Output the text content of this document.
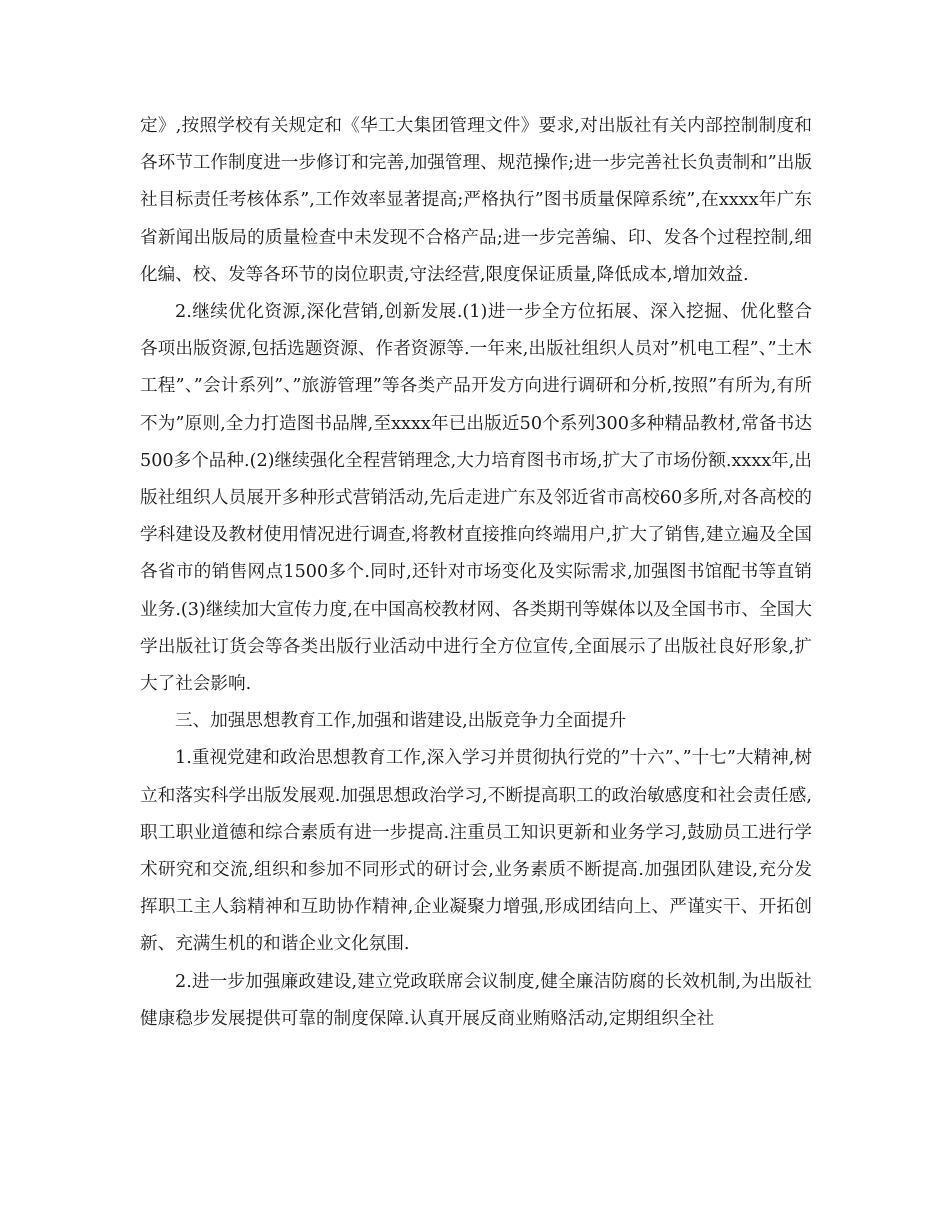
定》,按照学校有关规定和《华工大集团管理文件》要求,对出版社有关内部控制制度和各环节工作制度进一步修订和完善,加强管理、规范操作;进一步完善社长负责制和”出版社目标责任考核体系”,工作效率显著提高;严格执行”图书质量保障系统”,在xxxx年广东省新闻出版局的质量检查中未发现不合格产品;进一步完善编、印、发各个过程控制,细化编、校、发等各环节的岗位职责,守法经营,限度保证质量,降低成本,增加效益.

2.继续优化资源,深化营销,创新发展.(1)进一步全方位拓展、深入挖掘、优化整合各项出版资源,包括选题资源、作者资源等.一年来,出版社组织人员对”机电工程”、”土木工程”、”会计系列”、”旅游管理”等各类产品开发方向进行调研和分析,按照”有所为,有所不为”原则,全力打造图书品牌,至xxxx年已出版近50个系列300多种精品教材,常备书达500多个品种.(2)继续强化全程营销理念,大力培育图书市场,扩大了市场份额.xxxx年,出版社组织人员展开多种形式营销活动,先后走进广东及邻近省市高校60多所,对各高校的学科建设及教材使用情况进行调查,将教材直接推向终端用户,扩大了销售,建立遍及全国各省市的销售网点1500多个.同时,还针对市场变化及实际需求,加强图书馆配书等直销业务.(3)继续加大宣传力度,在中国高校教材网、各类期刊等媒体以及全国书市、全国大学出版社订货会等各类出版行业活动中进行全方位宣传,全面展示了出版社良好形象,扩大了社会影响.

三、加强思想教育工作,加强和谐建设,出版竞争力全面提升

1.重视党建和政治思想教育工作,深入学习并贯彻执行党的”十六”、”十七”大精神,树立和落实科学出版发展观.加强思想政治学习,不断提高职工的政治敏感度和社会责任感,职工职业道德和综合素质有进一步提高.注重员工知识更新和业务学习,鼓励员工进行学术研究和交流,组织和参加不同形式的研讨会,业务素质不断提高.加强团队建设,充分发挥职工主人翁精神和互助协作精神,企业凝聚力增强,形成团结向上、严谨实干、开拓创新、充满生机的和谐企业文化氛围.

2.进一步加强廉政建设,建立党政联席会议制度,健全廉洁防腐的长效机制,为出版社健康稳步发展提供可靠的制度保障.认真开展反商业贿赂活动,定期组织全社
